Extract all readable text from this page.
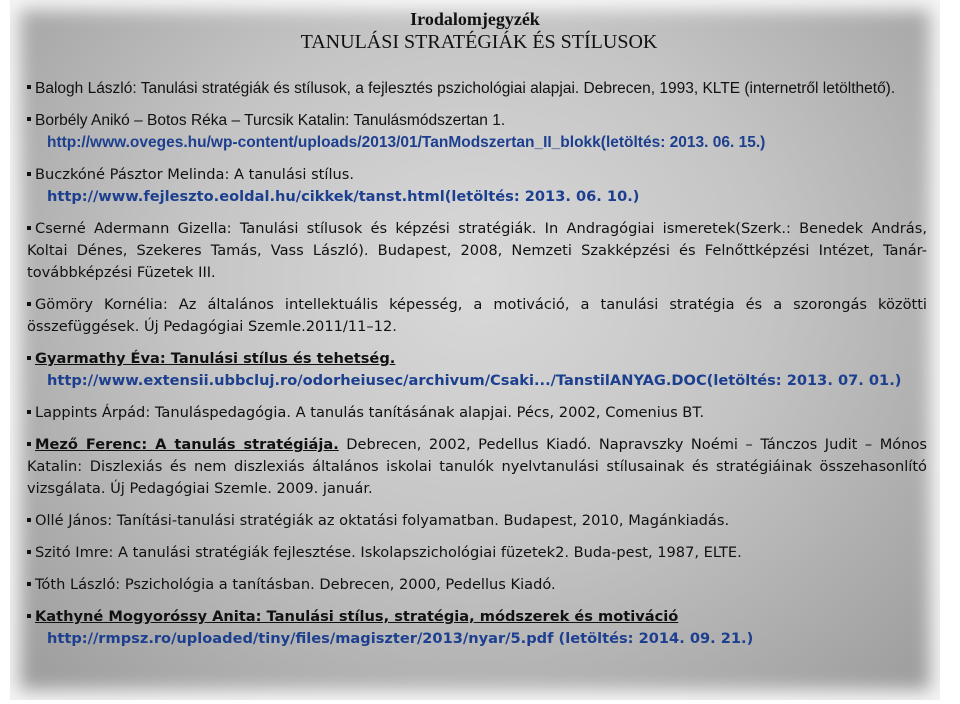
Irodalomjegyzék
TANULÁSI STRATÉGIÁK ÉS STÍLUSOK

Balogh László: Tanulási stratégiák és stílusok, a fejlesztés pszichológiai alapjai. Debrecen, 1993, KLTE (internetről letölthető).

Borbély Anikó – Botos Réka – Turcsik Katalin: Tanulásmódszertan 1.
http://www.oveges.hu/wp-content/uploads/2013/01/TanModszertan_II_blokk(letöltés: 2013. 06. 15.)

Buczkóné Pásztor Melinda: A tanulási stílus.
http://www.fejleszto.eoldal.hu/cikkek/tanst.html(letöltés: 2013. 06. 10.)

Cserné Adermann Gizella: Tanulási stílusok és képzési stratégiák. In Andragógiai ismeretek(Szerk.: Benedek András, Koltai Dénes, Szekeres Tamás, Vass László). Budapest, 2008, Nemzeti Szakképzési és Felnőttképzési Intézet, Tanár-továbbképzési Füzetek III.

Gömöry Kornélia: Az általános intellektuális képesség, a motiváció, a tanulási stratégia és a szorongás közötti összefüggések. Új Pedagógiai Szemle.2011/11–12.

Gyarmathy Éva: Tanulási stílus és tehetség.
http://www.extensii.ubbcluj.ro/odorheiusec/archivum/Csaki.../TanstilANYAG.DOC(letöltés: 2013. 07. 01.)

Lappints Árpád: Tanuláspedagógia. A tanulás tanításának alapjai. Pécs, 2002, Comenius BT.

Mező Ferenc: A tanulás stratégiája. Debrecen, 2002, Pedellus Kiadó. Napravszky Noémi – Tánczos Judit – Mónos Katalin: Diszlexiás és nem diszlexiás általános iskolai tanulók nyelvtanulási stílusainak és stratégiáinak összehasonlító vizsgálata. Új Pedagógiai Szemle. 2009. január.

Ollé János: Tanítási-tanulási stratégiák az oktatási folyamatban. Budapest, 2010, Magánkiadás.

Szitó Imre: A tanulási stratégiák fejlesztése. Iskolapszichológiai füzetek2. Buda-pest, 1987, ELTE.

Tóth László: Pszichológia a tanításban. Debrecen, 2000, Pedellus Kiadó.

Kathyné Mogyoróssy Anita: Tanulási stílus, stratégia, módszerek és motiváció
http://rmpsz.ro/uploaded/tiny/files/magiszter/2013/nyar/5.pdf (letöltés: 2014. 09. 21.)
